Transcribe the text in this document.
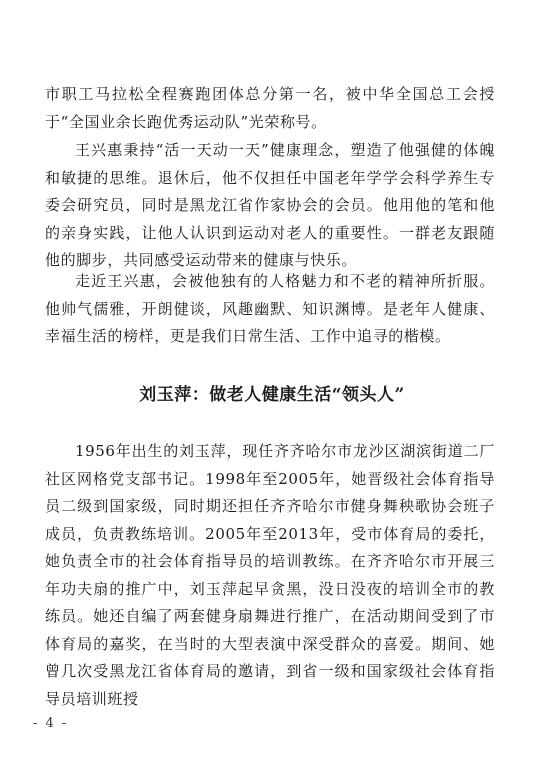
市职工马拉松全程赛跑团体总分第一名，被中华全国总工会授于“全国业余长跑优秀运动队”光荣称号。

王兴惠秉持“活一天动一天”健康理念，塑造了他强健的体魄和敏捷的思维。退休后，他不仅担任中国老年学学会科学养生专委会研究员，同时是黑龙江省作家协会的会员。他用他的笔和他的亲身实践，让他人认识到运动对老人的重要性。一群老友跟随他的脚步，共同感受运动带来的健康与快乐。

走近王兴惠，会被他独有的人格魅力和不老的精神所折服。他帅气儒雅，开朗健谈，风趣幽默、知识渊博。是老年人健康、幸福生活的榜样，更是我们日常生活、工作中追寻的楷模。

刘玉萍：做老人健康生活“领头人”

1956年出生的刘玉萍，现任齐齐哈尔市龙沙区湖滨街道二厂社区网格党支部书记。1998年至2005年，她晋级社会体育指导员二级到国家级，同时期还担任齐齐哈尔市健身舞秧歌协会班子成员，负责教练培训。2005年至2013年，受市体育局的委托，她负责全市的社会体育指导员的培训教练。在齐齐哈尔市开展三年功夫扇的推广中，刘玉萍起早贪黑，没日没夜的培训全市的教练员。她还自编了两套健身扇舞进行推广，在活动期间受到了市体育局的嘉奖，在当时的大型表演中深受群众的喜爱。期间、她曾几次受黑龙江省体育局的邀请，到省一级和国家级社会体育指导员培训班授

- 4 -
